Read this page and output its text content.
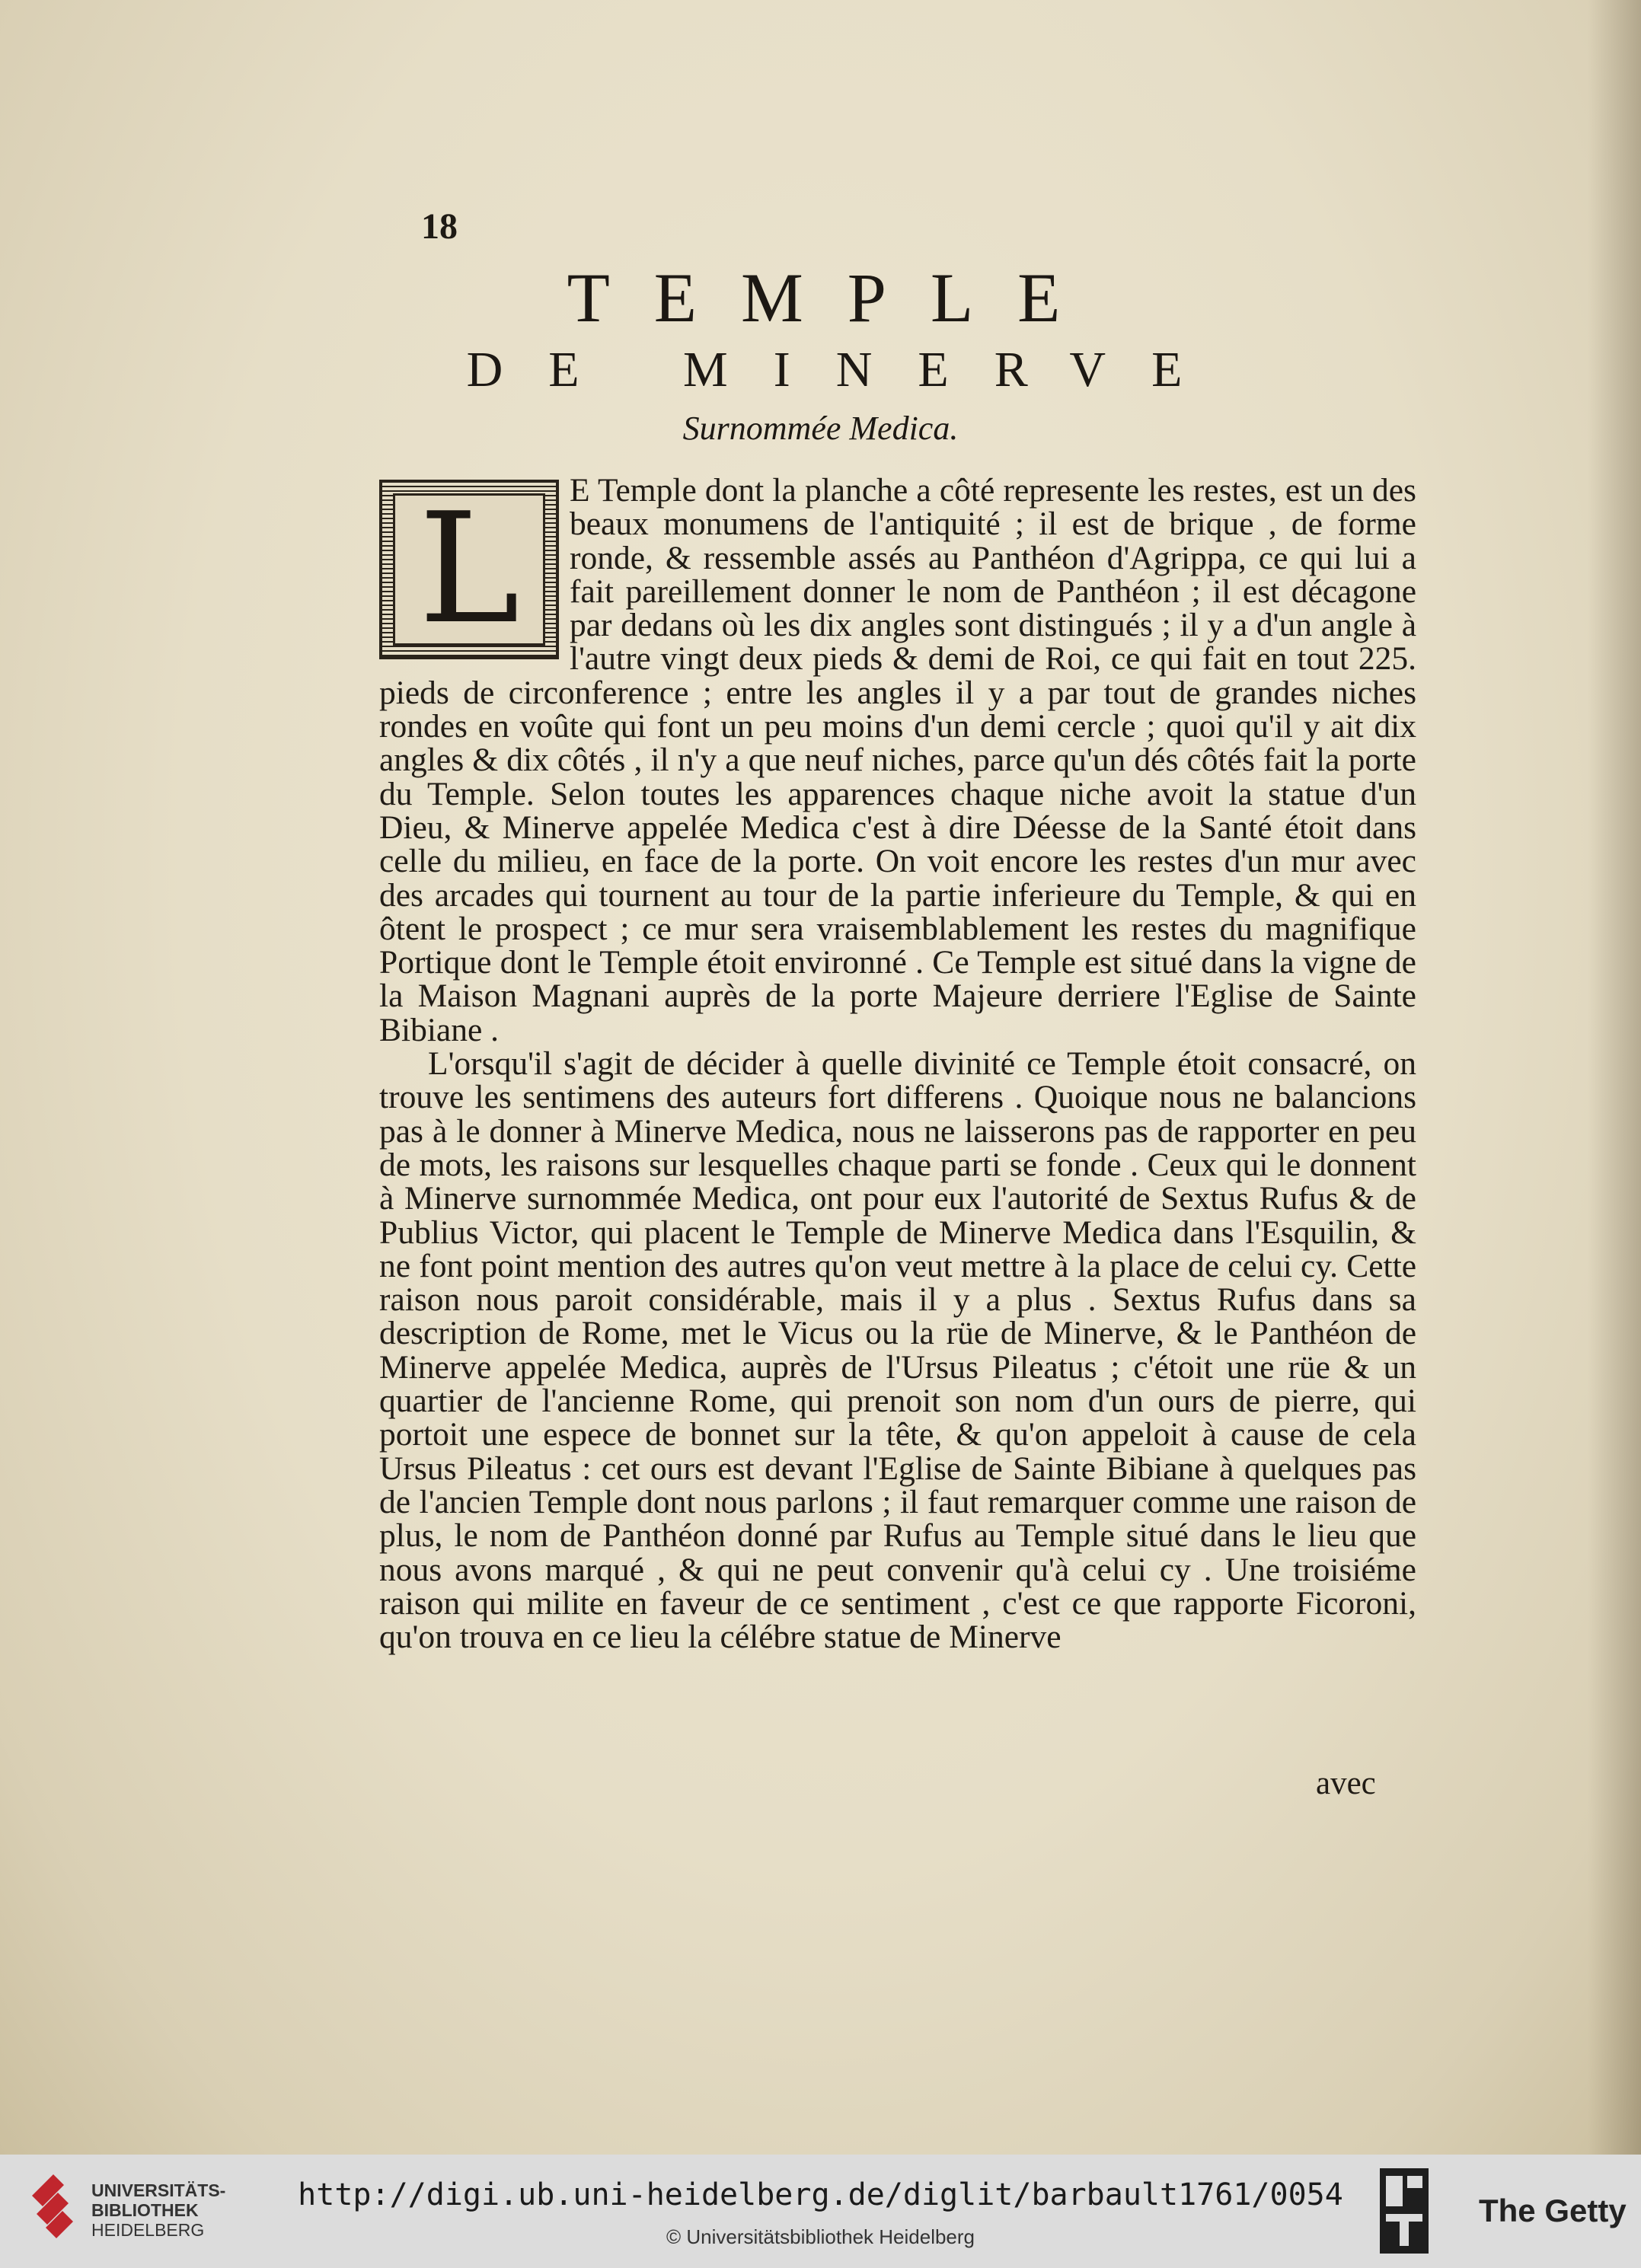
18
TEMPLE
DE MINERVE
Surnommée Medica.

L	E Temple dont la planche a côté represente les restes, est un des beaux monumens de l'antiquité ; il est de brique , de forme ronde, & ressemble assés au Panthéon d'Agrippa, ce qui lui a fait pareillement donner le nom de Panthéon ; il est décagone par dedans où les dix angles sont distingués ; il y a d'un angle à l'autre vingt deux pieds & demi de Roi, ce qui fait en tout 225. pieds de circonference ; entre les angles il y a par tout de grandes niches rondes en voûte qui font un peu moins d'un demi cercle ; quoi qu'il y ait dix angles & dix côtés , il n'y a que neuf niches, parce qu'un dés côtés fait la porte du Temple. Selon toutes les apparences chaque niche avoit la statue d'un Dieu, & Minerve appelée Medica c'est à dire Déesse de la Santé étoit dans celle du milieu, en face de la porte. On voit encore les restes d'un mur avec des arcades qui tournent au tour de la partie inferieure du Temple, & qui en ôtent le prospect ; ce mur sera vraisemblablement les restes du magnifique Portique dont le Temple étoit environné . Ce Temple est situé dans la vigne de la Maison Magnani auprès de la porte Majeure derriere l'Eglise de Sainte Bibiane .

L'orsqu'il s'agit de décider à quelle divinité ce Temple étoit consacré, on trouve les sentimens des auteurs fort differens . Quoique nous ne balancions pas à le donner à Minerve Medica, nous ne laisserons pas de rapporter en peu de mots, les raisons sur lesquelles chaque parti se fonde . Ceux qui le donnent à Minerve surnommée Medica, ont pour eux l'autorité de Sextus Rufus & de Publius Victor, qui placent le Temple de Minerve Medica dans l'Esquilin, & ne font point mention des autres qu'on veut mettre à la place de celui cy. Cette raison nous paroit considérable, mais il y a plus . Sextus Rufus dans sa description de Rome, met le Vicus ou la rüe de Minerve, & le Panthéon de Minerve appelée Medica, auprès de l'Ursus Pileatus ; c'étoit une rüe & un quartier de l'ancienne Rome, qui prenoit son nom d'un ours de pierre, qui portoit une espece de bonnet sur la tête, & qu'on appeloit à cause de cela Ursus Pileatus : cet ours est devant l'Eglise de Sainte Bibiane à quelques pas de l'ancien Temple dont nous parlons ; il faut remarquer comme une raison de plus, le nom de Panthéon donné par Rufus au Temple situé dans le lieu que nous avons marqué , & qui ne peut convenir qu'à celui cy . Une troisiéme raison qui milite en faveur de ce sentiment , c'est ce que rapporte Ficoroni, qu'on trouva en ce lieu la célébre statue de Minerve

avec
UNIVERSITÄTS-
BIBLIOTHEK
HEIDELBERG
http://digi.ub.uni-heidelberg.de/diglit/barbault1761/0054
© Universitätsbibliothek Heidelberg
The Getty
